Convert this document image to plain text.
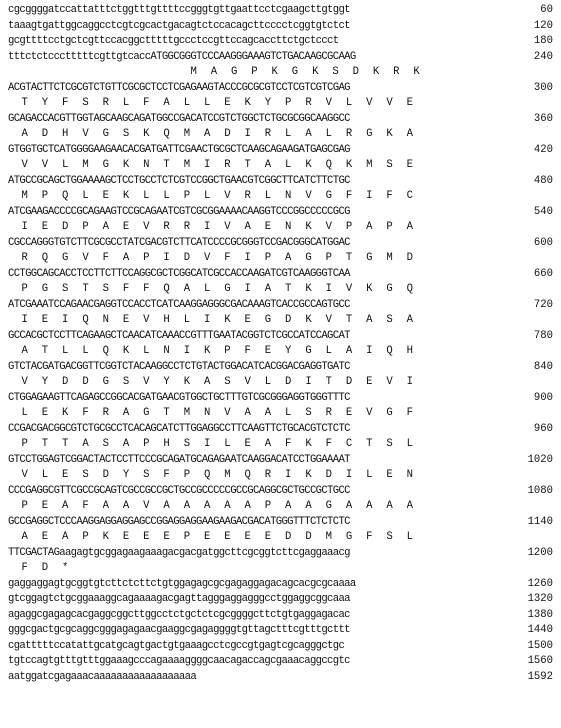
cgcggggatccattatttctggtttgttttccgggtgttgaattcctcgaagcttgtggt	60
taaagtgattggcaggcctcgtcgcactgacagtctccacagcttcccctcggtgtctct	120
gcgttttcctgctcgttccacggctttttgccctccgttccagcaccttctgctccct	180
tttctctccctttttcgttgtcaccATGGCGGGTCCCAAGGGAAAGTCTGACAAGCGCAAG	240
M  A  G  P  K  G  K  S  D  K  R  K
ACGTACTTCTCGCGTCTGTTCGCGCTCCTCGAGAAGTACCCGCGCGTCCTCGTCGTCGAG	300
T  Y  F  S  R  L  F  A  L  L  E  K  Y  P  R  V  L  V  V  E
GCAGACCACGTTGGTAGCAAGCAGATGGCCGACATCCGTCTGGCTCTGCGCGGCAAGGCC	360
A  D  H  V  G  S  K  Q  M  A  D  I  R  L  A  L  R  G  K  A
GTGGTGCTCATGGGGAAGAACACGATGATTCGAACTGCGCTCAAGCAGAAGATGAGCGAG	420
V  V  L  M  G  K  N  T  M  I  R  T  A  L  K  Q  K  M  S  E
ATGCCGCAGCTGGAAAAGCTCCTGCCTCTCGTCCGGCTGAACGTCGGCTTCATCTTCTGC	480
M  P  Q  L  E  K  L  L  P  L  V  R  L  N  V  G  F  I  F  C
ATCGAAGACCCCGCAGAAGTCCGCAGAATCGTCGCGGAAAACAAGGTCCCGGCCCCCGCG	540
I  E  D  P  A  E  V  R  R  I  V  A  E  N  K  V  P  A  P  A
CGCCAGGGTGTCTTCGCGCCTATCGACGTCTTCATCCCCGCGGGTCCGACGGGCATGGAC	600
R  Q  G  V  F  A  P  I  D  V  F  I  P  A  G  P  T  G  M  D
CCTGGCAGCACCTCCTTCTTCCAGGCGCTCGGCATCGCCACCAAGATCGTCAAGGGTCAA	660
P  G  S  T  S  F  F  Q  A  L  G  I  A  T  K  I  V  K  G  Q
ATCGAAATCCAGAACGAGGTCCACCTCATCAAGGAGGGCGACAAAGTCACCGCCAGTGCC	720
I  E  I  Q  N  E  V  H  L  I  K  E  G  D  K  V  T  A  S  A
GCCACGCTCCTTCAGAAGCTCAACATCAAACCGTTTGAATACGGTCTCGCCATCCAGCAT	780
A  T  L  L  Q  K  L  N  I  K  P  F  E  Y  G  L  A  I  Q  H
GTCTACGATGACGGTTCGGTCTACAAGGCCTCTGTACTGGACATCACGGACGAGGTGATC	840
V  Y  D  D  G  S  V  Y  K  A  S  V  L  D  I  T  D  E  V  I
CTGGAGAAGTTCAGAGCCGGCACGATGAACGTGGCTGCTTTGTCGCGGGAGGTGGGTTTC	900
L  E  K  F  R  A  G  T  M  N  V  A  A  L  S  R  E  V  G  F
CCGACGACGGCGTCTGCGCCTCACAGCATCTTGGAGGCCTTCAAGTTCTGCACGTCTCTC	960
P  T  T  A  S  A  P  H  S  I  L  E  A  F  K  F  C  T  S  L
GTCCTGGAGTCGGACTACTCCTTCCCGCAGATGCAGAGAATCAAGGACATCCTGGAAAAT	1020
V  L  E  S  D  Y  S  F  P  Q  M  Q  R  I  K  D  I  L  E  N
CCCGAGGCGTTCGCCGCAGTCGCCGCCGCTGCCGCCCCCGCCGCAGGCGCTGCCGCTGCC	1080
P  E  A  F  A  A  V  A  A  A  A  A  P  A  A  G  A  A  A  A
GCCGAGGCTCCCAAGGAGGAGGAGCCGGAGGAGGAAGAAGACGACATGGGTTTCTCTCTC	1140
A  E  A  P  K  E  E  E  P  E  E  E  E  D  D  M  G  F  S  L
TTCGACTAGaagagtgcggagaagaaagacgacgatggcttcgcggtcttcgaggaaacg	1200
F  D  *
gaggaggagtgcggtgtcttctcttctgtggagagcgcgagaggagacagcacgcgcaaaa	1260
gtcggagtctgcggaaaggcagaaaagacgagttagggaggagggcctggaggcggcaaa	1320
agaggcgagagcacgaggcggcttggcctctgctctcgcggggcttctgtgaggagacac	1380
gggcgactgcgcaggcgggagagaacgaaggcgagaggggtgttagctttcgtttgcttt	1440
cgatttttccatattgcatgcagtgactgtgaaagcctcgccgtgagtcgcagggctgc	1500
tgtccagtgtttgtttggaaagcccagaaaaggggcaacagaccagcgaaacaggccgtc	1560
aatggatcgagaaacaaaaaaaaaaaaaaaaaa	1592
